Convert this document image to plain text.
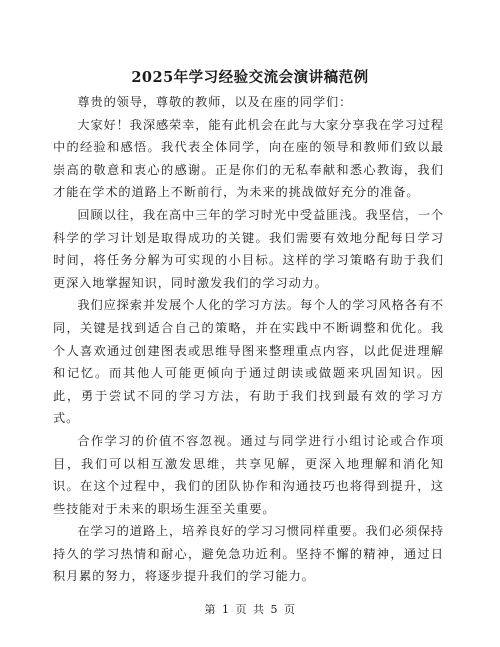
2025年学习经验交流会演讲稿范例

尊贵的领导，尊敬的教师，以及在座的同学们：

大家好！我深感荣幸，能有此机会在此与大家分享我在学习过程中的经验和感悟。我代表全体同学，向在座的领导和教师们致以最崇高的敬意和衷心的感谢。正是你们的无私奉献和悉心教诲，我们才能在学术的道路上不断前行，为未来的挑战做好充分的准备。

回顾以往，我在高中三年的学习时光中受益匪浅。我坚信，一个科学的学习计划是取得成功的关键。我们需要有效地分配每日学习时间，将任务分解为可实现的小目标。这样的学习策略有助于我们更深入地掌握知识，同时激发我们的学习动力。

我们应探索并发展个人化的学习方法。每个人的学习风格各有不同，关键是找到适合自己的策略，并在实践中不断调整和优化。我个人喜欢通过创建图表或思维导图来整理重点内容，以此促进理解和记忆。而其他人可能更倾向于通过朗读或做题来巩固知识。因此，勇于尝试不同的学习方法，有助于我们找到最有效的学习方式。

合作学习的价值不容忽视。通过与同学进行小组讨论或合作项目，我们可以相互激发思维，共享见解，更深入地理解和消化知识。在这个过程中，我们的团队协作和沟通技巧也将得到提升，这些技能对于未来的职场生涯至关重要。

在学习的道路上，培养良好的学习习惯同样重要。我们必须保持持久的学习热情和耐心，避免急功近利。坚持不懈的精神，通过日积月累的努力，将逐步提升我们的学习能力。

第 1 页 共 5 页
